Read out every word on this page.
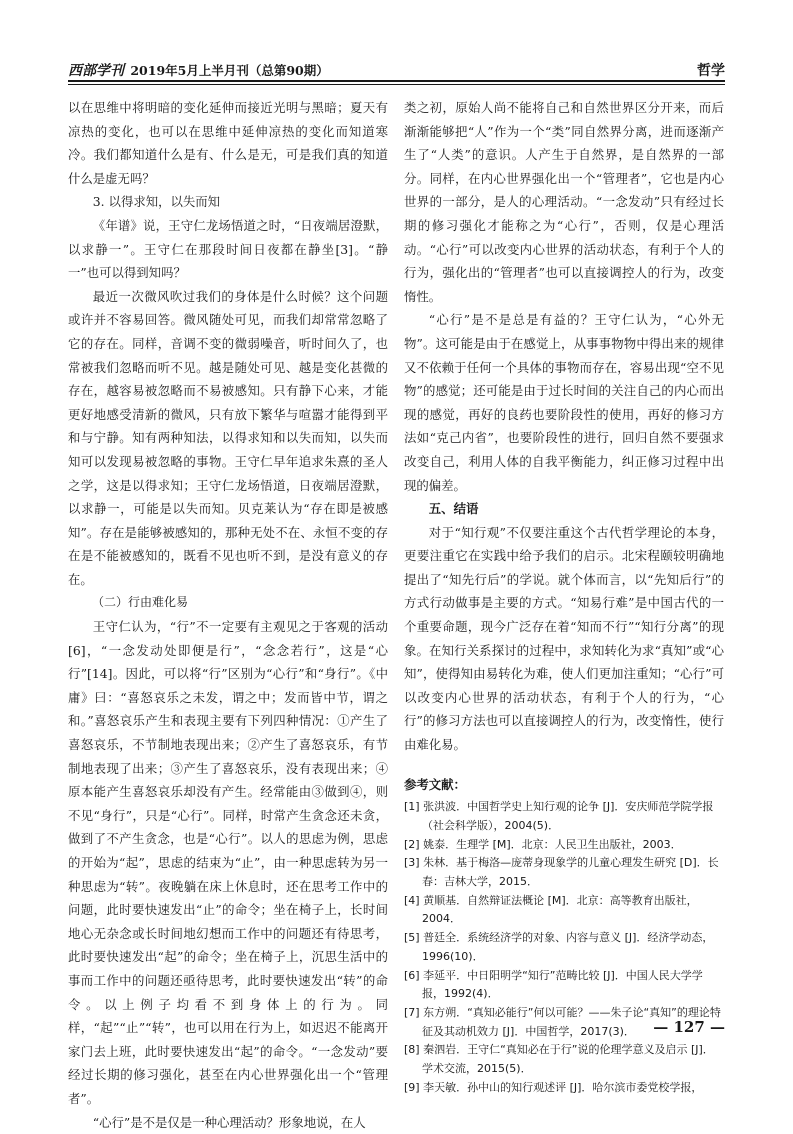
西部学刊 2019年5月上半月刊（总第90期）	哲学

以在思维中将明暗的变化延伸而接近光明与黑暗；夏天有凉热的变化，也可以在思维中延伸凉热的变化而知道寒冷。我们都知道什么是有、什么是无，可是我们真的知道什么是虚无吗？

3. 以得求知，以失而知

《年谱》说，王守仁龙场悟道之时，“日夜端居澄默，以求静一”。王守仁在那段时间日夜都在静坐[3]。“静一”也可以得到知吗？

最近一次微风吹过我们的身体是什么时候？这个问题或许并不容易回答。微风随处可见，而我们却常常忽略了它的存在。同样，音调不变的微弱噪音，听时间久了，也常被我们忽略而听不见。越是随处可见、越是变化甚微的存在，越容易被忽略而不易被感知。只有静下心来，才能更好地感受清新的微风，只有放下繁华与喧嚣才能得到平和与宁静。知有两种知法，以得求知和以失而知，以失而知可以发现易被忽略的事物。王守仁早年追求朱熹的圣人之学，这是以得求知；王守仁龙场悟道，日夜端居澄默，以求静一，可能是以失而知。贝克莱认为“存在即是被感知”。存在是能够被感知的，那种无处不在、永恒不变的存在是不能被感知的，既看不见也听不到，是没有意义的存在。

（二）行由难化易

王守仁认为，“行”不一定要有主观见之于客观的活动[6]，“一念发动处即便是行”，“念念若行”，这是“心行”[14]。因此，可以将“行”区别为“心行”和“身行”。《中庸》曰：“喜怒哀乐之未发，谓之中；发而皆中节，谓之和。”喜怒哀乐产生和表现主要有下列四种情况：①产生了喜怒哀乐，不节制地表现出来；②产生了喜怒哀乐，有节制地表现了出来；③产生了喜怒哀乐，没有表现出来；④原本能产生喜怒哀乐却没有产生。经常能由③做到④，则不见“身行”，只是“心行”。同样，时常产生贪念还未贪，做到了不产生贪念，也是“心行”。以人的思虑为例，思虑的开始为“起”，思虑的结束为“止”，由一种思虑转为另一种思虑为“转”。夜晚躺在床上休息时，还在思考工作中的问题，此时要快速发出“止”的命令；坐在椅子上，长时间地心无杂念或长时间地幻想而工作中的问题还有待思考，此时要快速发出“起”的命令；坐在椅子上，沉思生活中的事而工作中的问题还亟待思考，此时要快速发出“转”的命令。以上例子均看不到身体上的行为。同样，“起”“止”“转”，也可以用在行为上，如迟迟不能离开家门去上班，此时要快速发出“起”的命令。“一念发动”要经过长期的修习强化，甚至在内心世界强化出一个“管理者”。

“心行”是不是仅是一种心理活动？形象地说，在人

类之初，原始人尚不能将自己和自然世界区分开来，而后渐渐能够把“人”作为一个“类”同自然界分离，进而逐渐产生了“人类”的意识。人产生于自然界，是自然界的一部分。同样，在内心世界强化出一个“管理者”，它也是内心世界的一部分，是人的心理活动。“一念发动”只有经过长期的修习强化才能称之为“心行”，否则，仅是心理活动。“心行”可以改变内心世界的活动状态，有利于个人的行为，强化出的“管理者”也可以直接调控人的行为，改变惰性。

“心行”是不是总是有益的？王守仁认为，“心外无物”。这可能是由于在感觉上，从事事物物中得出来的规律又不依赖于任何一个具体的事物而存在，容易出现“空不见物”的感觉；还可能是由于过长时间的关注自己的内心而出现的感觉，再好的良药也要阶段性的使用，再好的修习方法如“克己内省”，也要阶段性的进行，回归自然不要强求改变自己，利用人体的自我平衡能力，纠正修习过程中出现的偏差。

五、结语

对于“知行观”不仅要注重这个古代哲学理论的本身，更要注重它在实践中给予我们的启示。北宋程颐较明确地提出了“知先行后”的学说。就个体而言，以“先知后行”的方式行动做事是主要的方式。“知易行难”是中国古代的一个重要命题，现今广泛存在着“知而不行”“知行分离”的现象。在知行关系探讨的过程中，求知转化为求“真知”或“心知”，使得知由易转化为难，使人们更加注重知；“心行”可以改变内心世界的活动状态，有利于个人的行为，“心行”的修习方法也可以直接调控人的行为，改变惰性，使行由难化易。

参考文献：
[1] 张洪波．中国哲学史上知行观的论争 [J]．安庆师范学院学报（社会科学版），2004(5)．
[2] 姚泰．生理学 [M]．北京：人民卫生出版社，2003．
[3] 朱林．基于梅洛—庞蒂身现象学的儿童心理发生研究 [D]．长春：吉林大学，2015．
[4] 黄顺基．自然辩证法概论 [M]．北京：高等教育出版社，2004．
[5] 普廷全．系统经济学的对象、内容与意义 [J]．经济学动态，1996(10)．
[6] 李延平．中日阳明学“知行”范畴比较 [J]．中国人民大学学报，1992(4)．
[7] 东方朔．“真知必能行”何以可能？——朱子论“真知”的理论特征及其动机效力 [J]．中国哲学，2017(3)．
[8] 秦泗岩．王守仁“真知必在于行”说的伦理学意义及启示 [J]．学术交流，2015(5)．
[9] 李天敏．孙中山的知行观述评 [J]．哈尔滨市委党校学报，
— 127 —
